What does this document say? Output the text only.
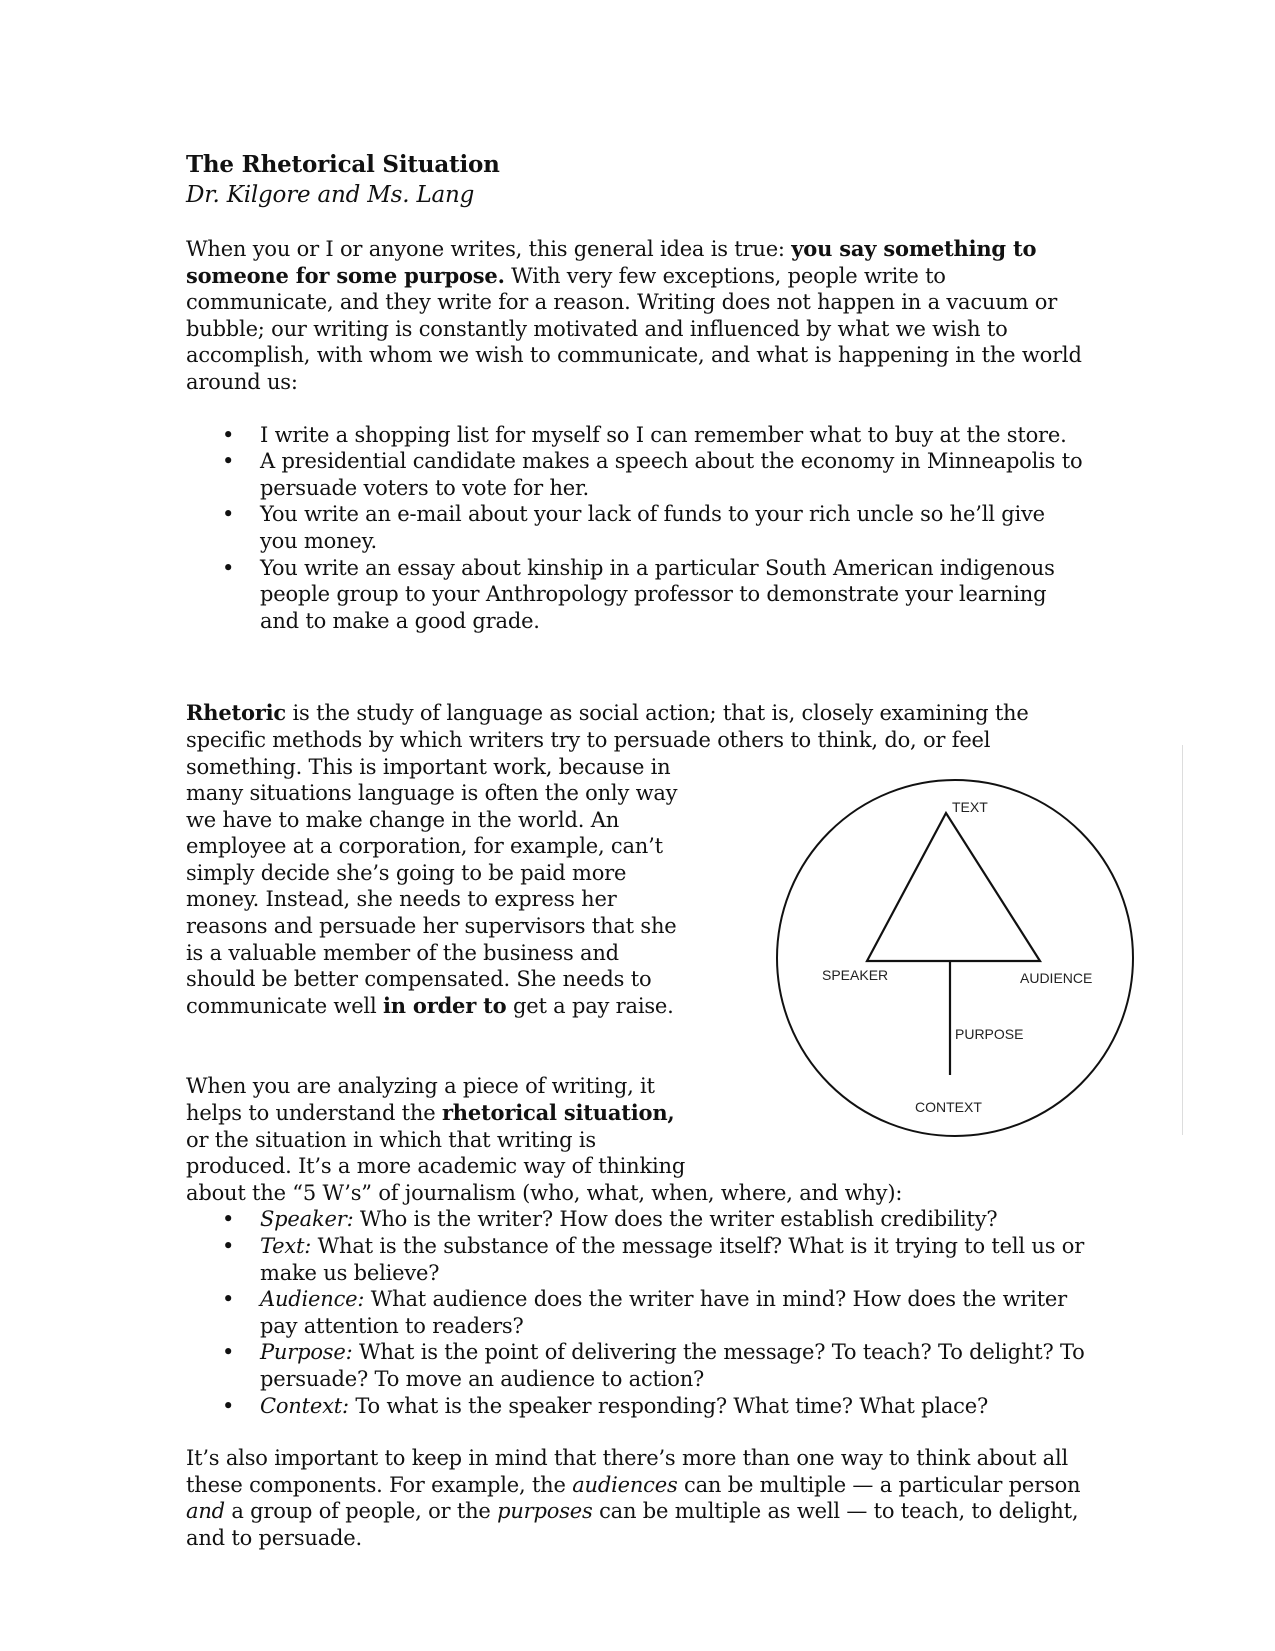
The Rhetorical Situation
Dr. Kilgore and Ms. Lang

When you or I or anyone writes, this general idea is true: you say something to someone for some purpose. With very few exceptions, people write to communicate, and they write for a reason. Writing does not happen in a vacuum or bubble; our writing is constantly motivated and influenced by what we wish to accomplish, with whom we wish to communicate, and what is happening in the world around us:

• I write a shopping list for myself so I can remember what to buy at the store.
• A presidential candidate makes a speech about the economy in Minneapolis to persuade voters to vote for her.
• You write an e-mail about your lack of funds to your rich uncle so he’ll give you money.
• You write an essay about kinship in a particular South American indigenous people group to your Anthropology professor to demonstrate your learning and to make a good grade.

Rhetoric is the study of language as social action; that is, closely examining the specific methods by which writers try to persuade others to think, do, or feel something. This is important work, because in many situations language is often the only way we have to make change in the world. An employee at a corporation, for example, can’t simply decide she’s going to be paid more money. Instead, she needs to express her reasons and persuade her supervisors that she is a valuable member of the business and should be better compensated. She needs to communicate well in order to get a pay raise.

When you are analyzing a piece of writing, it helps to understand the rhetorical situation, or the situation in which that writing is produced. It’s a more academic way of thinking about the “5 W’s” of journalism (who, what, when, where, and why):

• Speaker: Who is the writer? How does the writer establish credibility?
• Text: What is the substance of the message itself? What is it trying to tell us or make us believe?
• Audience: What audience does the writer have in mind? How does the writer pay attention to readers?
• Purpose: What is the point of delivering the message? To teach? To delight? To persuade? To move an audience to action?
• Context: To what is the speaker responding? What time? What place?

It’s also important to keep in mind that there’s more than one way to think about all these components. For example, the audiences can be multiple — a particular person and a group of people, or the purposes can be multiple as well — to teach, to delight, and to persuade.

TEXT
SPEAKER	AUDIENCE
PURPOSE
CONTEXT
